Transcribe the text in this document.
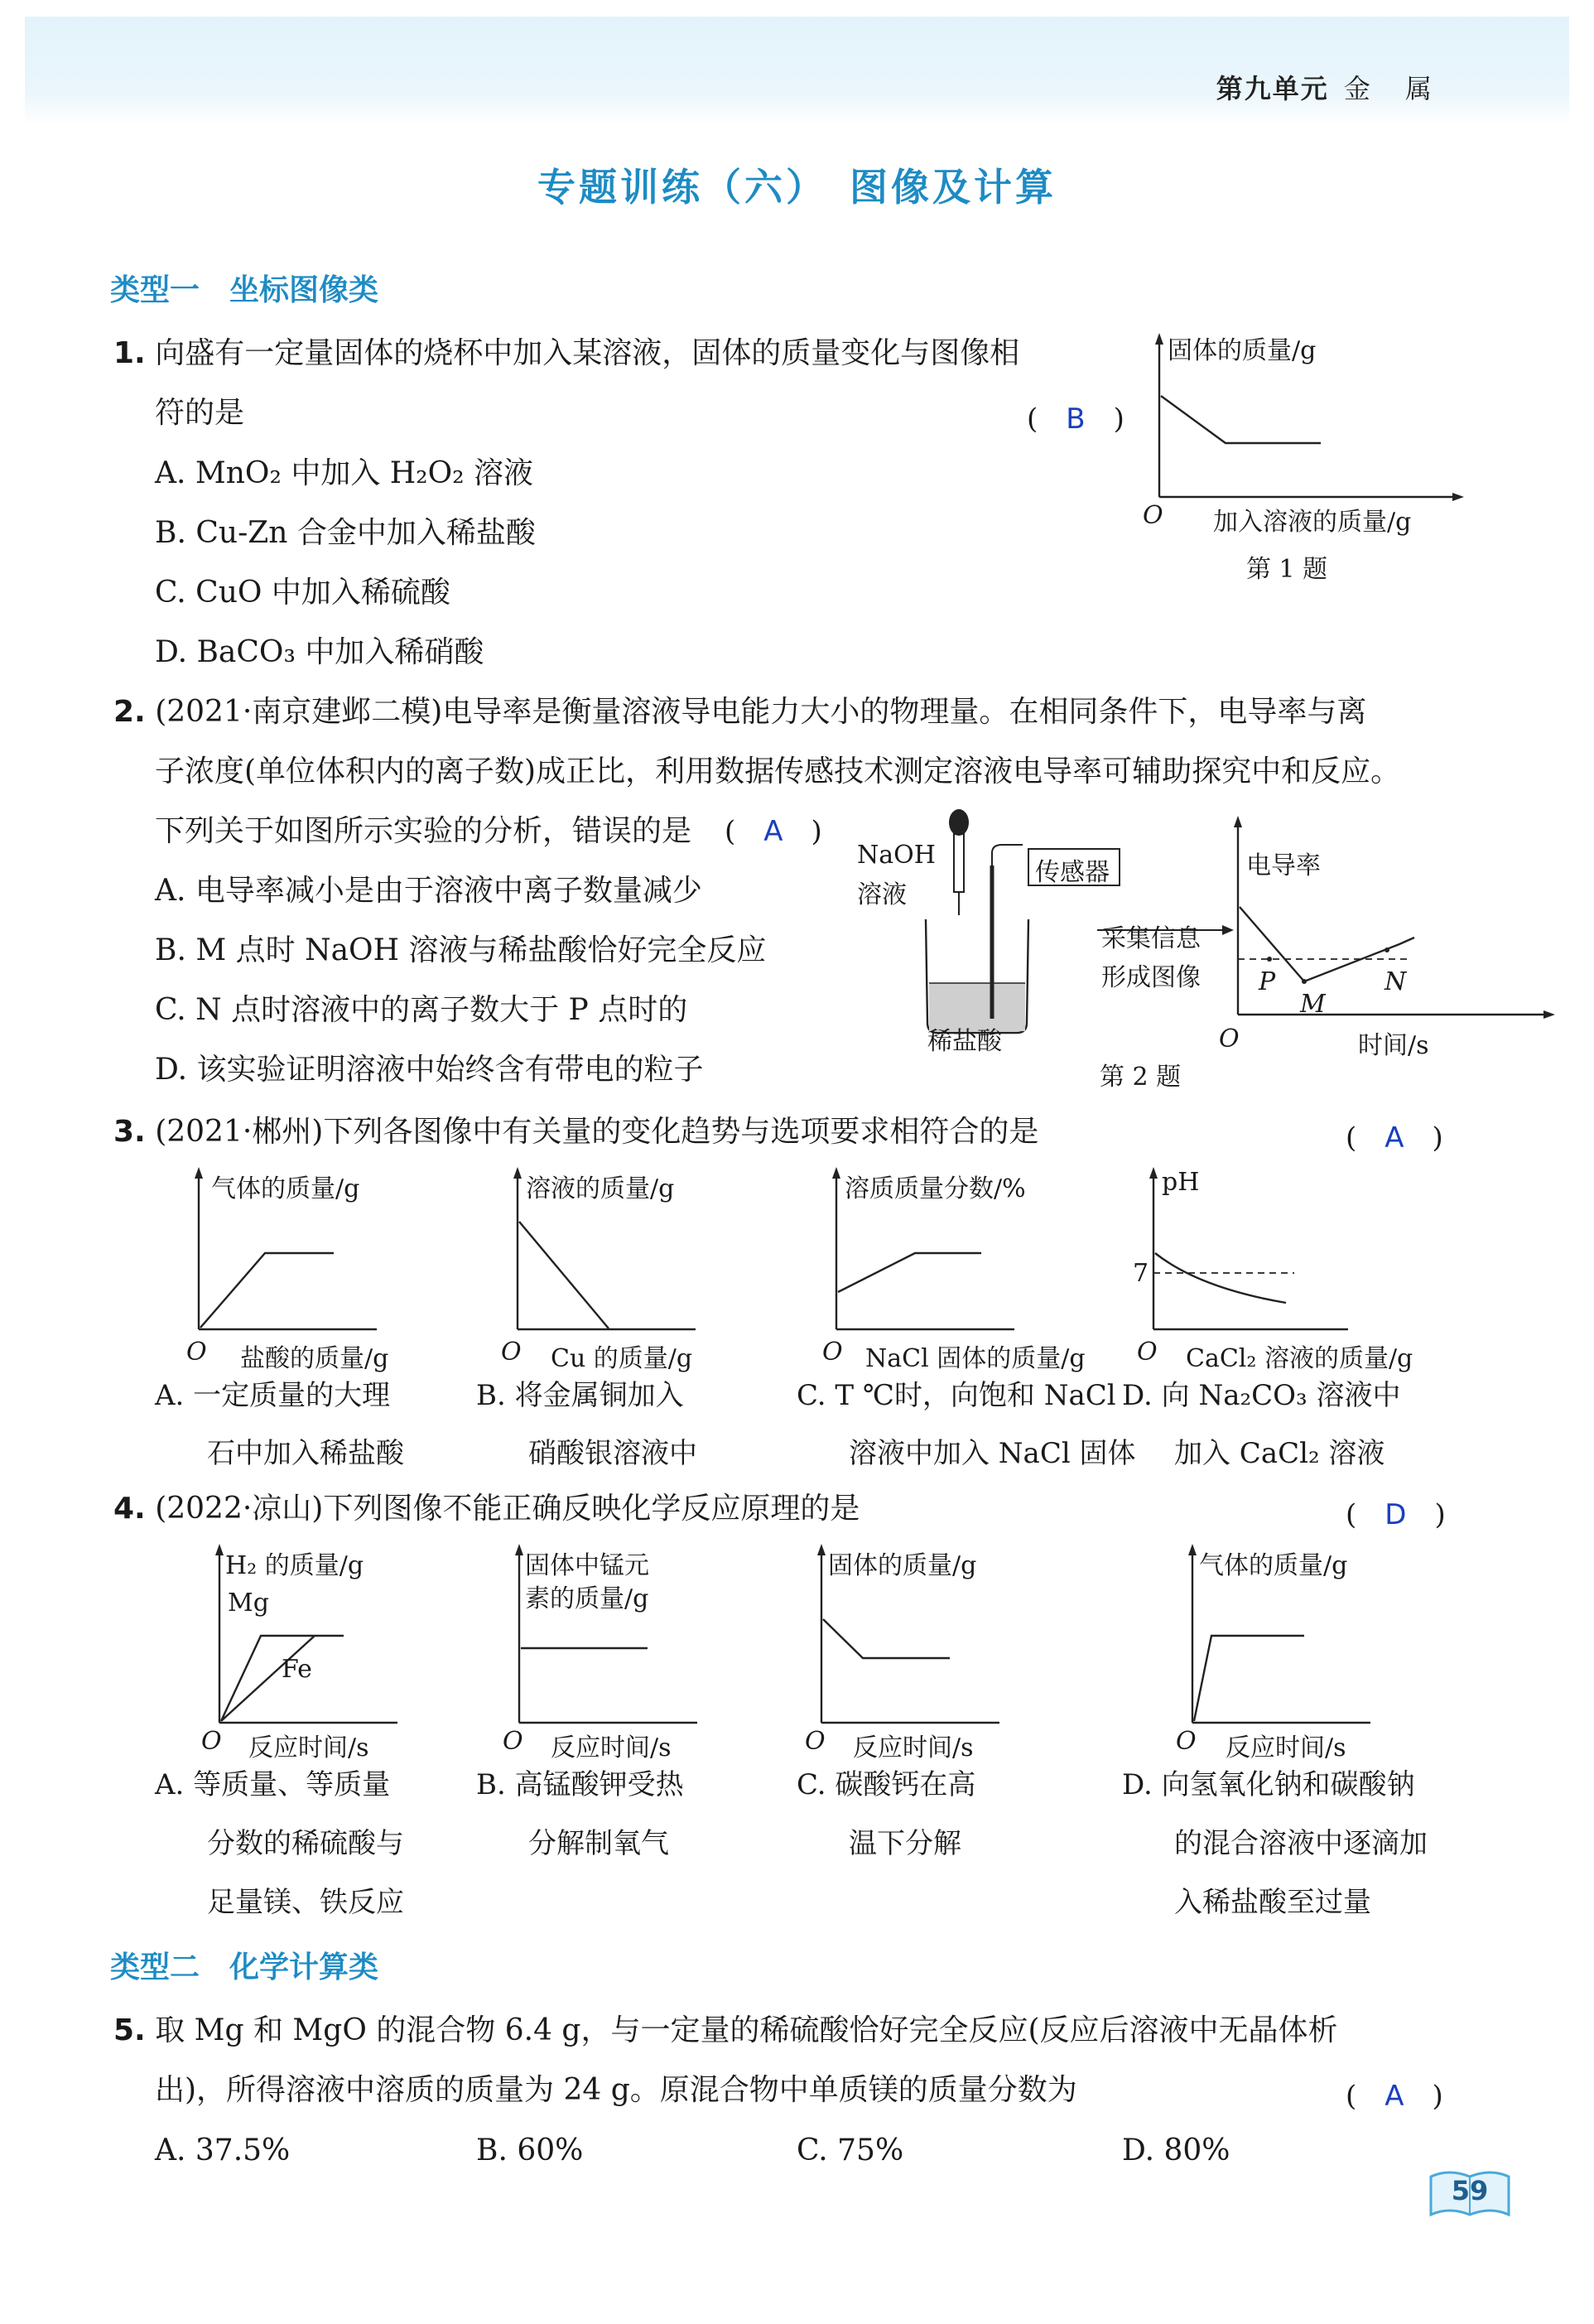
第九单元 金 属
专题训练（六）　图像及计算
类型一　坐标图像类
1. 向盛有一定量固体的烧杯中加入某溶液，固体的质量变化与图像相
符的是	(　B　)
A. MnO₂ 中加入 H₂O₂ 溶液
B. Cu-Zn 合金中加入稀盐酸
C. CuO 中加入稀硫酸
D. BaCO₃ 中加入稀硝酸
固体的质量/g
O 加入溶液的质量/g
第 1 题
2. (2021·南京建邺二模)电导率是衡量溶液导电能力大小的物理量。在相同条件下，电导率与离
子浓度(单位体积内的离子数)成正比，利用数据传感技术测定溶液电导率可辅助探究中和反应。
下列关于如图所示实验的分析，错误的是 (　A　)
A. 电导率减小是由于溶液中离子数量减少
B. M 点时 NaOH 溶液与稀盐酸恰好完全反应
C. N 点时溶液中的离子数大于 P 点时的
D. 该实验证明溶液中始终含有带电的粒子
NaOH
溶液
传感器
稀盐酸
采集信息
形成图像
电导率
P
M
N
O	时间/s
第 2 题
3. (2021·郴州)下列各图像中有关量的变化趋势与选项要求相符合的是	(　A　)
气体的质量/g
O 盐酸的质量/g
溶液的质量/g
O Cu 的质量/g
溶质质量分数/%
O NaCl 固体的质量/g
pH
7
O CaCl₂ 溶液的质量/g
A. 一定质量的大理
石中加入稀盐酸
B. 将金属铜加入
硝酸银溶液中
C. T ℃时，向饱和 NaCl
溶液中加入 NaCl 固体
D. 向 Na₂CO₃ 溶液中
加入 CaCl₂ 溶液
4. (2022·凉山)下列图像不能正确反映化学反应原理的是	(　D　)
H₂ 的质量/g
Mg
Fe
O 反应时间/s
固体中锰元
素的质量/g
O 反应时间/s
固体的质量/g
O 反应时间/s
气体的质量/g
O 反应时间/s
A. 等质量、等质量
分数的稀硫酸与
足量镁、铁反应
B. 高锰酸钾受热
分解制氧气
C. 碳酸钙在高
温下分解
D. 向氢氧化钠和碳酸钠
的混合溶液中逐滴加
入稀盐酸至过量
类型二　化学计算类
5. 取 Mg 和 MgO 的混合物 6.4 g，与一定量的稀硫酸恰好完全反应(反应后溶液中无晶体析
出)，所得溶液中溶质的质量为 24 g。原混合物中单质镁的质量分数为	(　A　)
A. 37.5%	B. 60%	C. 75%	D. 80%
59
